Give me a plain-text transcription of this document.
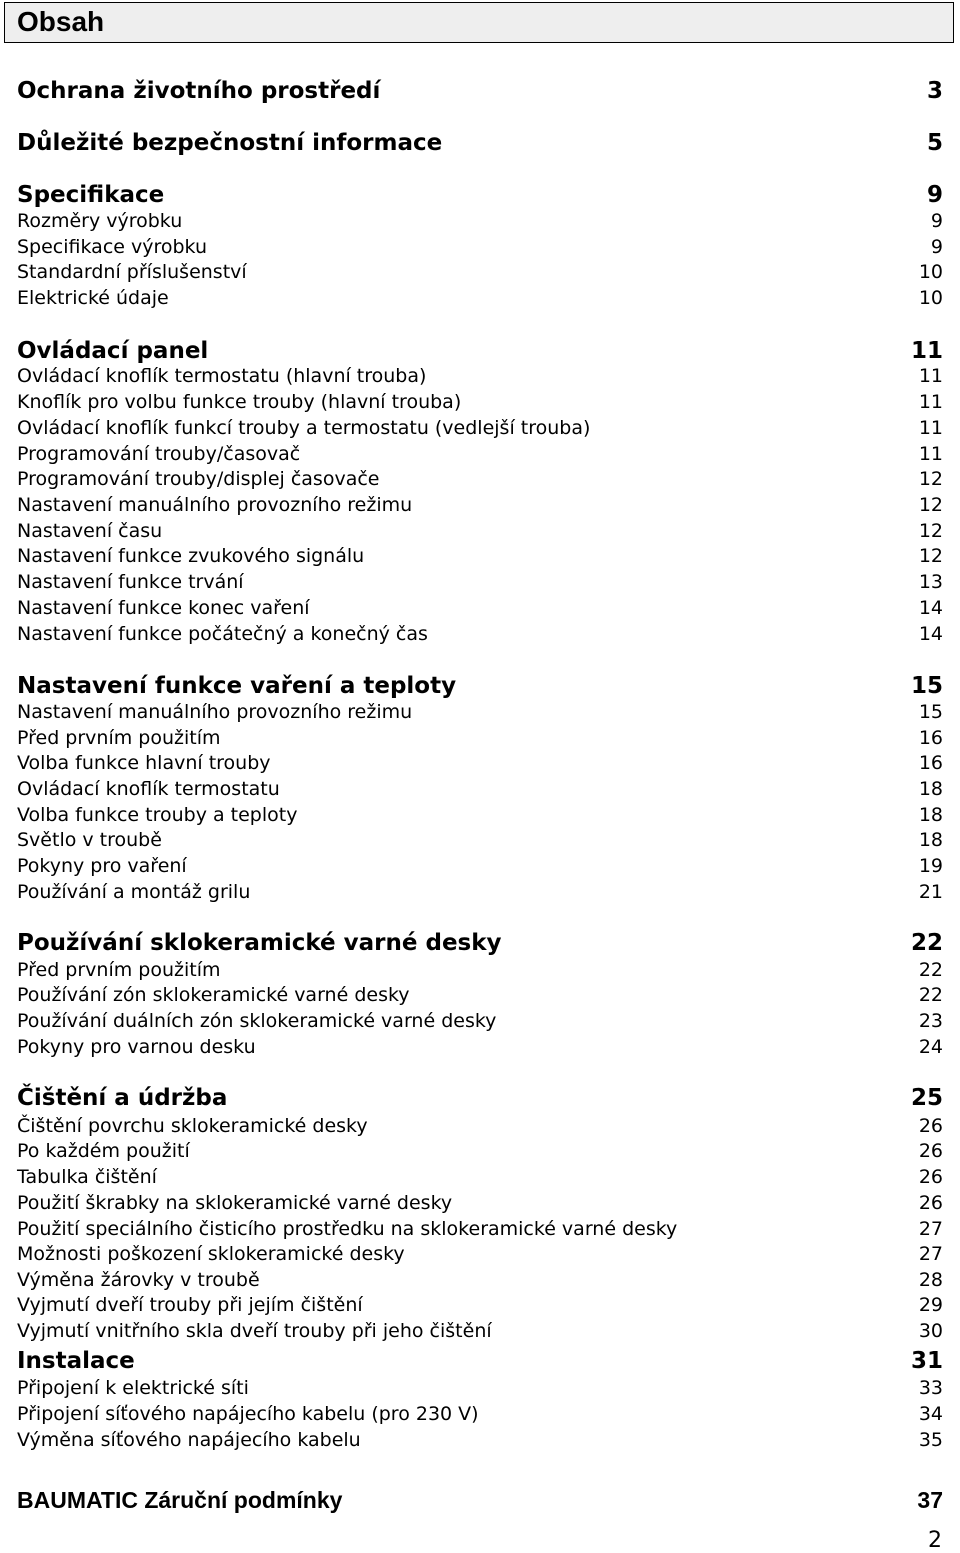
Obsah
Ochrana životního prostředí	3
Důležité bezpečnostní informace	5
Specifikace	9
Rozměry výrobku	9
Specifikace výrobku	9
Standardní příslušenství	10
Elektrické údaje	10
Ovládací panel	11
Ovládací knoflík termostatu (hlavní trouba)	11
Knoflík pro volbu funkce trouby (hlavní trouba)	11
Ovládací knoflík funkcí trouby a termostatu (vedlejší trouba)	11
Programování trouby/časovač	11
Programování trouby/displej časovače	12
Nastavení manuálního provozního režimu	12
Nastavení času	12
Nastavení funkce zvukového signálu	12
Nastavení funkce trvání	13
Nastavení funkce konec vaření	14
Nastavení funkce počátečný a konečný čas	14
Nastavení funkce vaření a teploty	15
Nastavení manuálního provozního režimu	15
Před prvním použitím	16
Volba funkce hlavní trouby	16
Ovládací knoflík termostatu	18
Volba funkce trouby a teploty	18
Světlo v troubě	18
Pokyny pro vaření	19
Používání a montáž grilu	21
Používání sklokeramické varné desky	22
Před prvním použitím	22
Používání zón sklokeramické varné desky	22
Používání duálních zón sklokeramické varné desky	23
Pokyny pro varnou desku	24
Čištění a údržba	25
Čištění povrchu sklokeramické desky	26
Po každém použití	26
Tabulka čištění	26
Použití škrabky na sklokeramické varné desky	26
Použití speciálního čisticího prostředku na sklokeramické varné desky	27
Možnosti poškození sklokeramické desky	27
Výměna žárovky v troubě	28
Vyjmutí dveří trouby při jejím čištění	29
Vyjmutí vnitřního skla dveří trouby při jeho čištění	30
Instalace	31
Připojení k elektrické síti	33
Připojení síťového napájecího kabelu (pro 230 V)	34
Výměna síťového napájecího kabelu	35
BAUMATIC Záruční podmínky	37
2
